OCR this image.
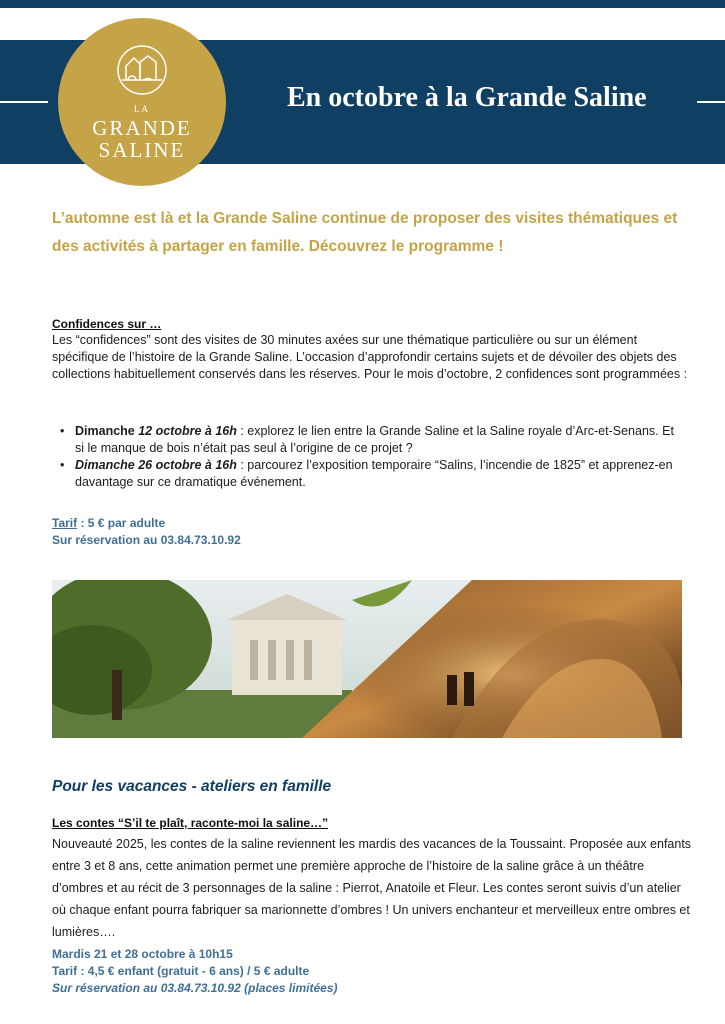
En octobre à la Grande Saline
LA
GRANDE
SALINE

L’automne est là et la Grande Saline continue de proposer des visites thématiques et des activités à partager en famille. Découvrez le programme !

Confidences sur …

Les “confidences” sont des visites de 30 minutes axées sur une thématique particulière ou sur un élément spécifique de l’histoire de la Grande Saline. L’occasion d’approfondir certains sujets et de dévoiler des objets des collections habituellement conservés dans les réserves. Pour le mois d’octobre, 2 confidences sont programmées :

• Dimanche 12 octobre à 16h : explorez le lien entre la Grande Saline et la Saline royale d’Arc-et-Senans. Et si le manque de bois n’était pas seul à l’origine de ce projet ?
• Dimanche 26 octobre à 16h : parcourez l’exposition temporaire “Salins, l’incendie de 1825” et apprenez-en davantage sur ce dramatique événement.
Tarif : 5 € par adulte
Sur réservation au 03.84.73.10.92
Pour les vacances - ateliers en famille
Les contes “S’il te plaît, raconte-moi la saline…”

Nouveauté 2025, les contes de la saline reviennent les mardis des vacances de la Toussaint. Proposée aux enfants entre 3 et 8 ans, cette animation permet une première approche de l’histoire de la saline grâce à un théâtre d’ombres et au récit de 3 personnages de la saline : Pierrot, Anatoile et Fleur. Les contes seront suivis d’un atelier où chaque enfant pourra fabriquer sa marionnette d’ombres ! Un univers enchanteur et merveilleux entre ombres et lumières….

Mardis 21 et 28 octobre à 10h15
Tarif : 4,5 € enfant (gratuit - 6 ans) / 5 € adulte
Sur réservation au 03.84.73.10.92 (places limitées)
